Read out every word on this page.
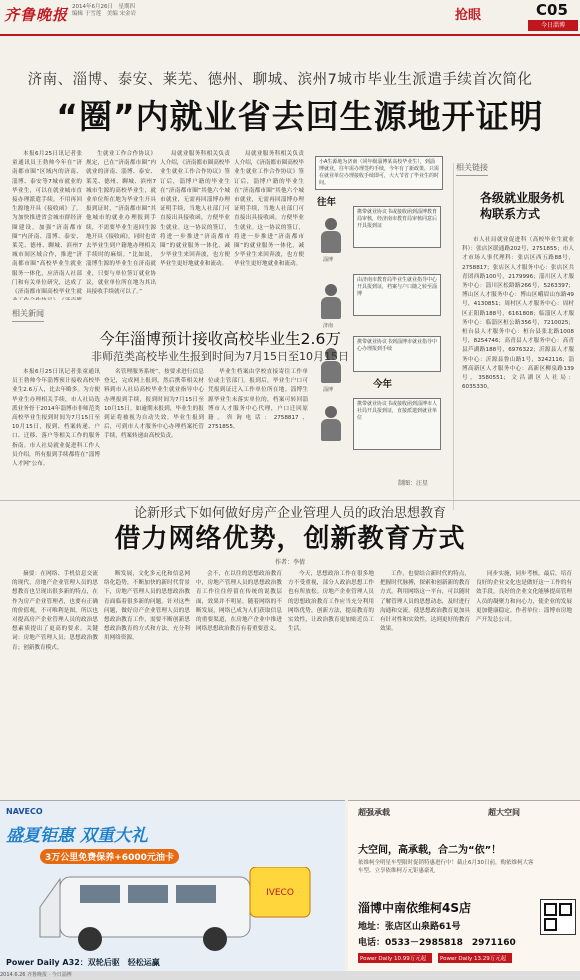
齐鲁晚报 2014年6月26日　星期四
编辑 于雪莲　美编 宋金岩	抢眼	C05
今日淄博
济南、淄博、泰安、莱芜、德州、聊城、滨州7城市毕业生派遣手续首次简化
“圈”内就业省去回生源地开证明

本报6月25日讯记者张童通讯员王勃帅今年在“济南都市圈”区域内的济南、淄博、泰安等7城市就业的毕业生，可以在就业城市直接办理派遣手续，不用再回生源地开具《接收函》了。为加快推进省会城市群经济圈建设，加强“济南都市圈”内济南、淄博、泰安、莱芜、德州、聊城、滨州7城市间区域合作，推进“济南都市圈”高校毕业生就业服务一体化，应济南人社部门和有关单位研究，达成了《济南都市圈高校毕业生就

生就业工作合作协议》规定，已在“济南都市圈”内就业的济南、淄博、泰安、莱芜、德州、聊城、滨州7城市生源的高校毕业生，就业单位所在地为毕业生开具报到证时，“济南都市圈”其他城市的就业办理报到手续，不需要毕业生返回生源地开具《接收函》，同时也省去毕业生到户籍地办理相关手续时的麻烦。“比如说，淄博生源的毕业生在济南就业，只要与单位签订就业协议，就业单位所在地为其出具接收手续就可以了。”

局就业服务科相关负责人介绍，《济南都市圈高校毕业生就业工作合作协议》签订后，淄博户籍的毕业生在“济南都市圈”其他六个城市就业，无需再回淄博办理证明手续，当地人社部门可直接出具接收函，方便毕业生就业。这一协议的签订，将进一步推进“济南都市圈”的就业服务一体化，减少毕业生来回奔波，也方便毕业生更好地就业和流动。

局就业服务科相关负责人介绍，《济南都市圈高校毕业生就业工作合作协议》签订后，淄博户籍的毕业生在“济南都市圈”其他六个城市就业，无需再回淄博办理证明手续，当地人社部门可直接出具接收函，方便毕业生就业。这一协议的签订，将进一步推进“济南都市圈”的就业服务一体化，减少毕业生来回奔波，也方便毕业生更好地就业和流动。

小A生源地为济南（同年级淄博某高校毕业生），到淄博就业，往年需办理签约手续，今年有了新政策，只需在就业单位办理接收手续即可，大大节省了毕业生的时间。
往年
淄博
携带就业协议书或接收函到淄博教育局审核，经济南市教育局审核同意后开具报到证
济南
由济南市教育局毕业生就业指导中心开具报到证，档案与户口随之转至淄博
淄博
携带就业协议书到淄博市就业指导中心办理报到手续
今年
携带就业协议书或接收函到淄博市人社局开具报到证，直接派遣到就业单位
制图：汪星
相关链接
各级就业服务机构联系方式

市人社局就业促进科（高校毕业生就业科）：张店区联通路202号，2751855；市人才市场人事代理科：张店区西五路88号，2758817；张店区人才服务中心：张店区共青团西路100号，2179996；淄川区人才服务中心：淄川区松龄路266号，5263397；博山区人才服务中心：博山区峨眉山东路49号，4130851；周村区人才服务中心：周村区正阳路188号，6161808；临淄区人才服务中心：临淄区桓公路356号，7210025；桓台县人才服务中心：桓台县张北路1008号，8254746；高青县人才服务中心：高青县芦湖路188号，6976322；沂源县人才服务中心：沂源县鲁山路1号，3242116；淄博高新区人才服务中心：高新区柳泉路139号，3580551；文昌湖区人社局：6035330。

相关新闻
今年淄博预计接收高校毕业生2.6万
非师范类高校毕业生报到时间为7月15日至10月15日

本报6月25日讯记者张童通讯员王勃帅今年淄博预计接收高校毕业生2.6万人，比去年略多。为方便毕业生办理相关手续，市人社局选派业务骨干2014年淄博市非师范类高校毕业生报到时间为7月15日至10月15日，报到、档案转递、户口、迁移、落户等相关工作的服务指南。市人社局就业促进科工作人员介绍，所有报到手续都将在“淄博人才网”公布。

名管理服务系统”，按要求进行信息登记，完成网上报到，然后携带相关材料到市人社局高校毕业生就业指导中心办理报到手续，报到时间为7月15日至10月15日。如逾期未报到，毕业生的报到证将被视为自动失效。毕业生报到后，可到市人才服务中心办理档案托管手续，档案转递由高校负责。

毕业生档案由学校直接寄往工作单位或主管部门。报到后，毕业生户口可凭报到证迁入工作单位所在地。淄博生源毕业生未落实单位的，档案可转回淄博市人才服务中心代理，户口迁回原籍。咨询电话：2758817、2751855。

论新形式下如何做好房产企业管理人员的政治思想教育
借力网络优势，创新教育方式
作者：李倩

摘要：在网络、手机信息交流的现代，房地产企业管理人员的思想教育也呈现出很多新的特点，在作为房产企业管理者，也要有正确的价值观，不可唯利是图，所以也对提高房产企业管理人员的政治思想素质提出了更高的要求。关键词：房地产管理人员；思想政治教育；创新教育模式。

断发展，文化多元化和信息网络化趋势，不断加快的新时代背景下，房地产管理人员的思想政治教育面临着很多新的问题。针对这些问题，做好房产企业管理人员的思想政治教育工作，需要不断创新思想政治教育的方式和方法，充分利用网络资源。

会不，在以往的思想政治教育中，房地产管理人员的思想政治教育工作往往停留在传统的说教层面，效果并不明显。随着网络的不断发展，网络已成为人们获取信息的重要渠道，在房地产企业中推进网络思想政治教育有着重要意义。

今天，思想政治工作在很多地方不受重视，部分人政治思想工作也有所放松。房地产企业管理人员的思想政治教育工作应当充分利用网络优势，创新方法，提高教育的实效性，让政治教育更加贴近员工生活。

工作，也要结合新时代的特点，把握时代脉搏，探索和创新新的教育方式。利用网络这一平台，可以随时了解管理人员的思想动态，及时进行沟通和交流，使思想政治教育更加具有针对性和实效性，达到更好的教育效果。

同步实施，同步考核。最后，培育良好的企业文化也是做好这一工作的有效手段。良好的企业文化能够提高管理人员的凝聚力和向心力，使企业的发展更加健康稳定。作者单位：淄博市房地产开发总公司。

NAVECO
盛夏钜惠 双重大礼
3万公里免费保养+6000元油卡
IVECO
Power Daily A32：双轮后驱　轻松运赢
超强承载	超大空间
大空间，高承载，合二为“依”！
依维柯全明星车型限时促销特惠进行中！截止6月30日前，购依维柯大客车型、立享依维柯万元钜惠豪礼
淄博中南依维柯4S店
地址：张店区山泉路61号
电话：0533－2985818　2971160
Power Daily 10.99万元起	Power Daily 13.29万元起
2014.6.26 齐鲁晚报 · 今日淄博
